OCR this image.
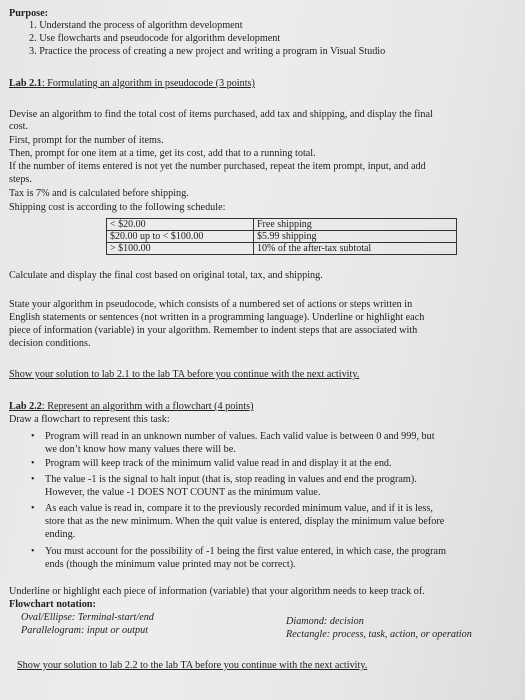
Purpose:
1. Understand the process of algorithm development
2. Use flowcharts and pseudocode for algorithm development
3. Practice the process of creating a new project and writing a program in Visual Studio
Lab 2.1: Formulating an algorithm in pseudocode (3 points)
Devise an algorithm to find the total cost of items purchased, add tax and shipping, and display the final
cost.
First, prompt for the number of items.
Then, prompt for one item at a time, get its cost, add that to a running total.
If the number of items entered is not yet the number purchased, repeat the item prompt, input, and add
steps.
Tax is 7% and is calculated before shipping.
Shipping cost is according to the following schedule:
< $20.00	Free shipping
$20.00 up to < $100.00	$5.99 shipping
> $100.00	10% of the after-tax subtotal
Calculate and display the final cost based on original total, tax, and shipping.
State your algorithm in pseudocode, which consists of a numbered set of actions or steps written in
English statements or sentences (not written in a programming language). Underline or highlight each
piece of information (variable) in your algorithm. Remember to indent steps that are associated with
decision conditions.
Show your solution to lab 2.1 to the lab TA before you continue with the next activity.
Lab 2.2: Represent an algorithm with a flowchart (4 points)
Draw a flowchart to represent this task:
• Program will read in an unknown number of values. Each valid value is between 0 and 999, but
we don’t know how many values there will be.
• Program will keep track of the minimum valid value read in and display it at the end.
• The value -1 is the signal to halt input (that is, stop reading in values and end the program).
However, the value -1 DOES NOT COUNT as the minimum value.
• As each value is read in, compare it to the previously recorded minimum value, and if it is less,
store that as the new minimum. When the quit value is entered, display the minimum value before
ending.
• You must account for the possibility of -1 being the first value entered, in which case, the program
ends (though the minimum value printed may not be correct).
Underline or highlight each piece of information (variable) that your algorithm needs to keep track of.
Flowchart notation:
Oval/Ellipse: Terminal-start/end
Parallelogram: input or output
Diamond: decision
Rectangle: process, task, action, or operation
Show your solution to lab 2.2 to the lab TA before you continue with the next activity.
